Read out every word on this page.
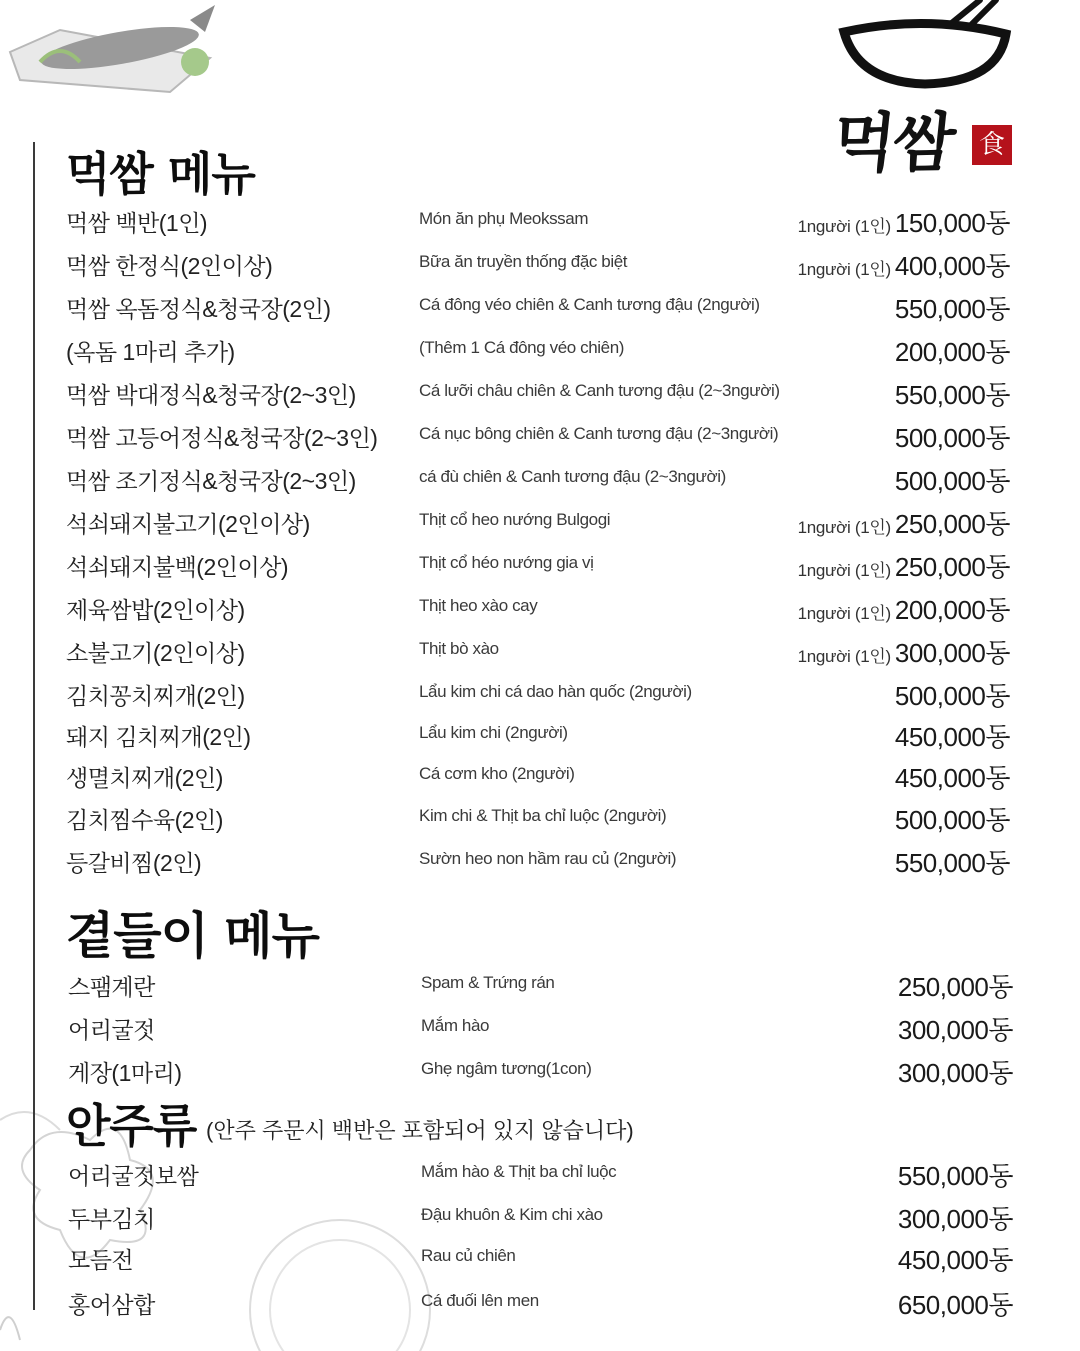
먹쌈 食
먹쌈 메뉴
먹쌈 백반(1인)	Món ăn phụ Meokssam	1người (1인) 150,000동
먹쌈 한정식(2인이상)	Bữa ăn truyền thống đặc biệt	1người (1인) 400,000동
먹쌈 옥돔정식&청국장(2인)	Cá đông véo chiên & Canh tương đậu (2người)	550,000동
(옥돔 1마리 추가)	(Thêm 1 Cá đông véo chiên)	200,000동
먹쌈 박대정식&청국장(2~3인)	Cá lưỡi châu chiên & Canh tương đậu (2~3người)	550,000동
먹쌈 고등어정식&청국장(2~3인) Cá nục bông chiên & Canh tương đậu (2~3người)	500,000동
먹쌈 조기정식&청국장(2~3인)	cá đù chiên & Canh tương đậu (2~3người)	500,000동
석쇠돼지불고기(2인이상)	Thịt cổ heo nướng Bulgogi	1người (1인) 250,000동
석쇠돼지불백(2인이상)	Thịt cổ héo nướng gia vị	1người (1인) 250,000동
제육쌈밥(2인이상)	Thịt heo xào cay	1người (1인) 200,000동
소불고기(2인이상)	Thịt bò xào	1người (1인) 300,000동
김치꽁치찌개(2인)	Lẩu kim chi cá dao hàn quốc (2người)	500,000동
돼지 김치찌개(2인)	Lẩu kim chi (2người)	450,000동
생멸치찌개(2인)	Cá cơm kho (2người)	450,000동
김치찜수육(2인)	Kim chi & Thịt ba chỉ luộc (2người)	500,000동
등갈비찜(2인)	Sườn heo non hầm rau củ (2người)	550,000동
곁들이 메뉴
스팸계란	Spam & Trứng rán	250,000동
어리굴젓	Mắm hào	300,000동
게장(1마리)	Ghẹ ngâm tương(1con)	300,000동
안주류 (안주 주문시 백반은 포함되어 있지 않습니다)
어리굴젓보쌈	Mắm hào & Thịt ba chỉ luộc	550,000동
두부김치	Đậu khuôn & Kim chi xào	300,000동
모듬전	Rau củ chiên	450,000동
홍어삼합	Cá đuối lên men	650,000동
